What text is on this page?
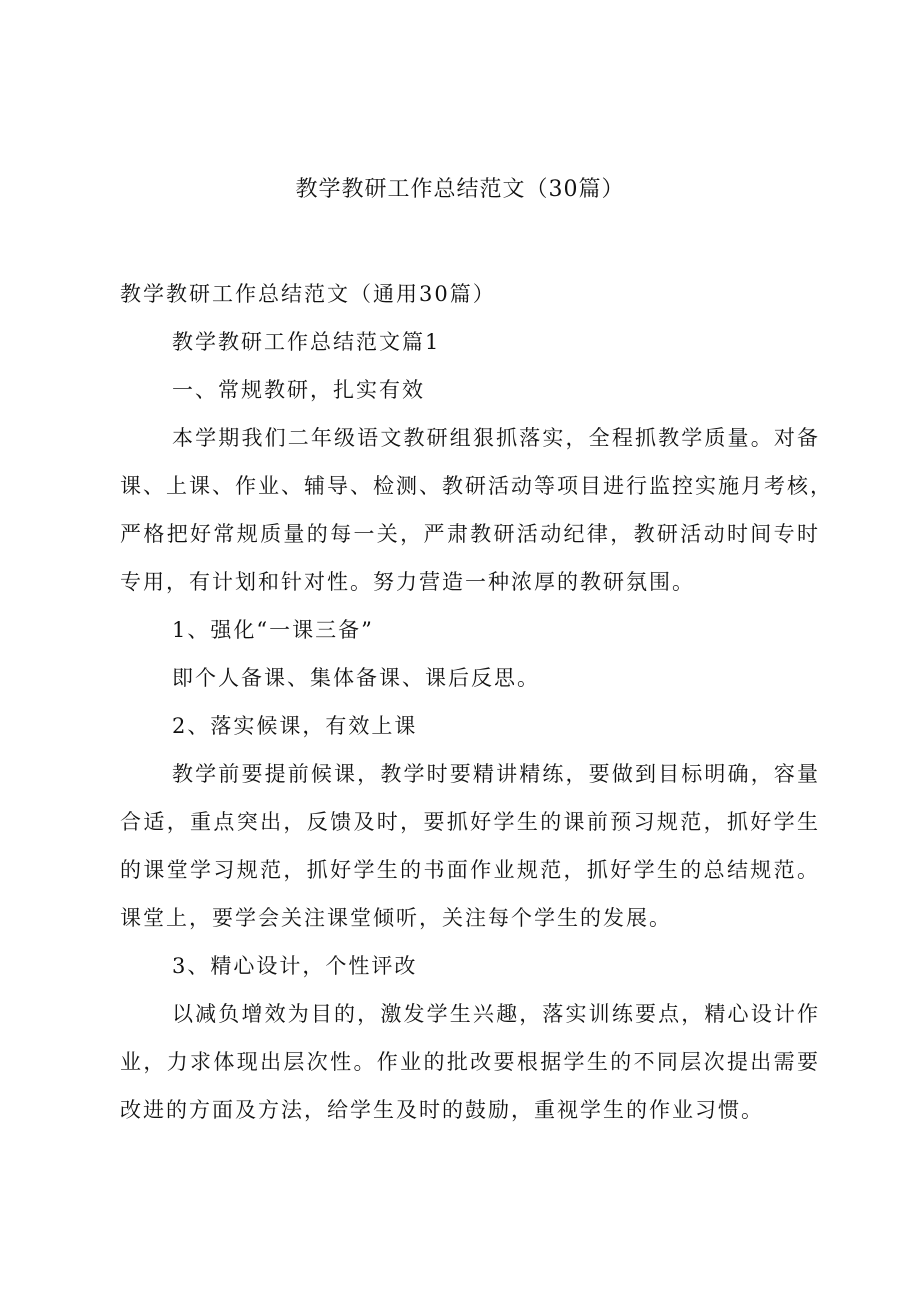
教学教研工作总结范文（30篇）

教学教研工作总结范文（通用30篇）

教学教研工作总结范文篇1

一、常规教研，扎实有效

本学期我们二年级语文教研组狠抓落实，全程抓教学质量。对备

课、上课、作业、辅导、检测、教研活动等项目进行监控实施月考核，

严格把好常规质量的每一关，严肃教研活动纪律，教研活动时间专时

专用，有计划和针对性。努力营造一种浓厚的教研氛围。

1、强化“一课三备”

即个人备课、集体备课、课后反思。

2、落实候课，有效上课

教学前要提前候课，教学时要精讲精练，要做到目标明确，容量

合适，重点突出，反馈及时，要抓好学生的课前预习规范，抓好学生

的课堂学习规范，抓好学生的书面作业规范，抓好学生的总结规范。

课堂上，要学会关注课堂倾听，关注每个学生的发展。

3、精心设计，个性评改

以减负增效为目的，激发学生兴趣，落实训练要点，精心设计作

业，力求体现出层次性。作业的批改要根据学生的不同层次提出需要

改进的方面及方法，给学生及时的鼓励，重视学生的作业习惯。
